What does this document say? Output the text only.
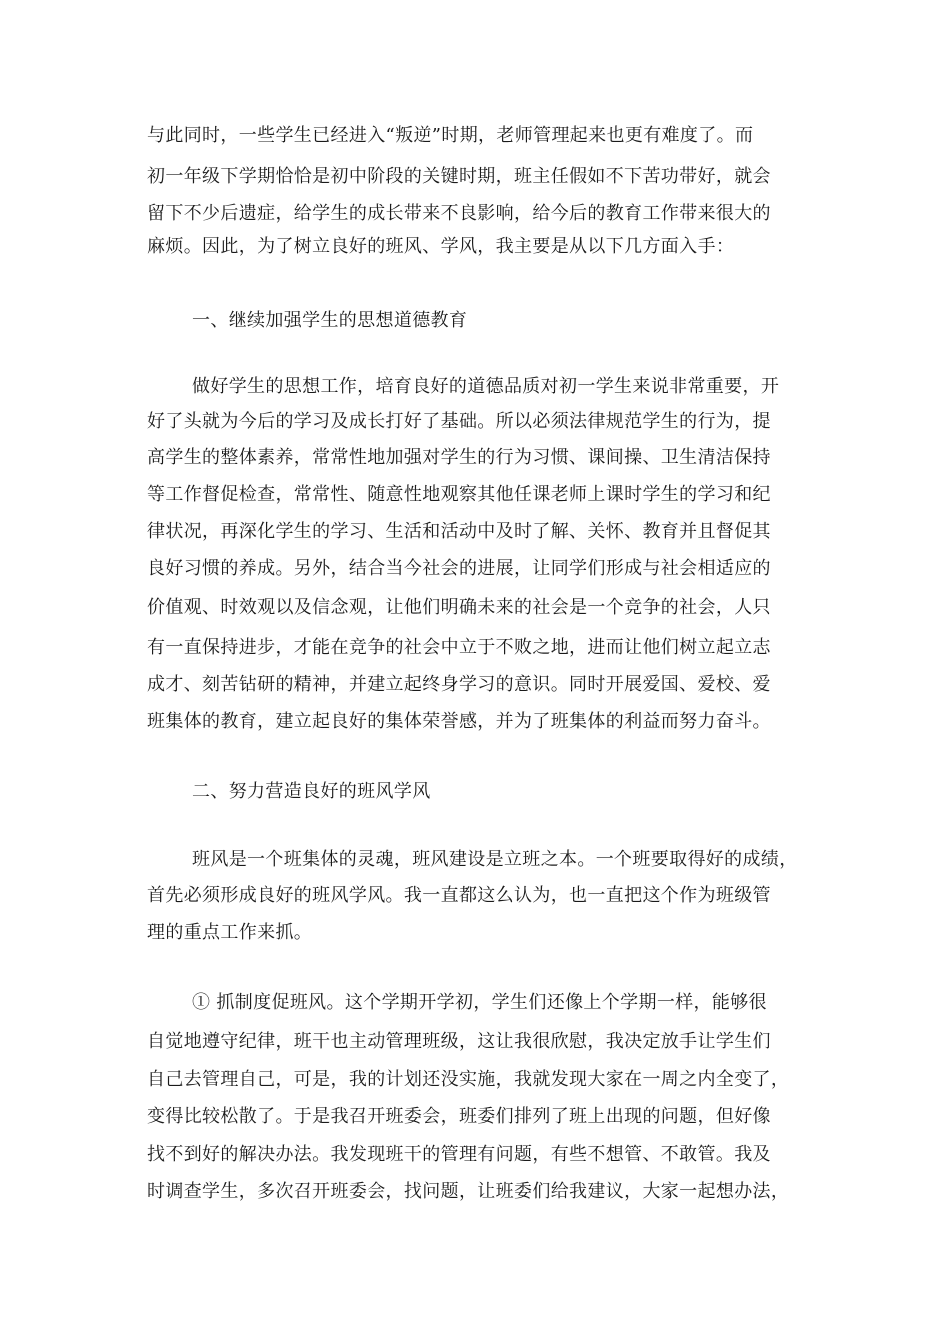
与此同时，一些学生已经进入“叛逆”时期，老师管理起来也更有难度了。而
初一年级下学期恰恰是初中阶段的关键时期，班主任假如不下苦功带好，就会
留下不少后遗症，给学生的成长带来不良影响，给今后的教育工作带来很大的
麻烦。因此，为了树立良好的班风、学风，我主要是从以下几方面入手：
一、继续加强学生的思想道德教育
做好学生的思想工作，培育良好的道德品质对初一学生来说非常重要，开
好了头就为今后的学习及成长打好了基础。所以必须法律规范学生的行为，提
高学生的整体素养，常常性地加强对学生的行为习惯、课间操、卫生清洁保持
等工作督促检查，常常性、随意性地观察其他任课老师上课时学生的学习和纪
律状况，再深化学生的学习、生活和活动中及时了解、关怀、教育并且督促其
良好习惯的养成。另外，结合当今社会的进展，让同学们形成与社会相适应的
价值观、时效观以及信念观，让他们明确未来的社会是一个竞争的社会，人只
有一直保持进步，才能在竞争的社会中立于不败之地，进而让他们树立起立志
成才、刻苦钻研的精神，并建立起终身学习的意识。同时开展爱国、爱校、爱
班集体的教育，建立起良好的集体荣誉感，并为了班集体的利益而努力奋斗。
二、努力营造良好的班风学风
班风是一个班集体的灵魂，班风建设是立班之本。一个班要取得好的成绩，
首先必须形成良好的班风学风。我一直都这么认为，也一直把这个作为班级管
理的重点工作来抓。
① 抓制度促班风。这个学期开学初，学生们还像上个学期一样，能够很
自觉地遵守纪律，班干也主动管理班级，这让我很欣慰，我决定放手让学生们
自己去管理自己，可是，我的计划还没实施，我就发现大家在一周之内全变了，
变得比较松散了。于是我召开班委会，班委们排列了班上出现的问题，但好像
找不到好的解决办法。我发现班干的管理有问题，有些不想管、不敢管。我及
时调查学生，多次召开班委会，找问题，让班委们给我建议，大家一起想办法，
